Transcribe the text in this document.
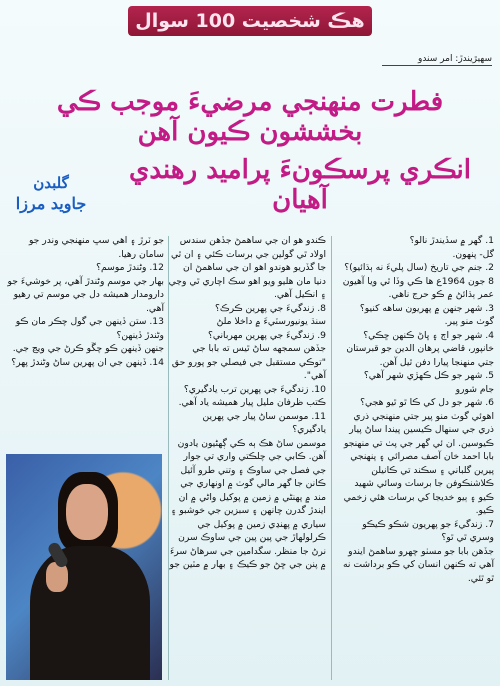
هڪ شخصيت 100 سوال
سهيڙيندڙ: امر سندو
فطرت منهنجي مرضيءَ موجب ڪي بخششون ڪيون آهن
انڪري پرسڪونءَ پراميد رهندي آهيان
گلبدن
جاويد مرزا

1. گهر ۾ سڏيندڙ نالو؟

گل- پنهون.

2. جنم جي تاريخ (سال پليءَ نه ٻڌائيو)؟

8 جون 1964ع ها ڪي وڏا ٿي ويا آهيون عمر ٻڌائڻ ۾ ڪو حرج ناهي.

3. شهر جنهن ۾ پهريون ساهه کنيو؟

گوٺ منو پير.

4. شهر جو اڄ ۽ ڀاڻ ڪنهن ڇڪي؟

خانپور، قاضي پرهان الدين جو قبرستان جتي منهنجا پيارا دفن ٿيل آهن.

5. شهر جو ڪل ڪهڙي شهر آهي؟

جام شورو

6. شهر جو دل کي ڪا ٿو ٿيو هجي؟

اهوئي گوٺ منو پير جتي منهنجي ذري ذري جي سنهال ڪيسين پيندا ساڻ پيار ڪيوسين. ان ئي گهر جي پٺ تي منهنجو بابا احمد خان آصف مصرائي ۽ پنهنجي پيرين گلباني ۽ سڪند تي ڪانيلن ڪلاشنڪوفن جا برسات وسائي شهيد ڪيو ۽ ٻيو خديجا کي برسات هئي زخمي ڪيو.

7. زندگيءَ جو پهريون شڪو ڪيڪو وسري ٿي ٿو؟

جڏهن بابا جو مسٺو چهرو ساهمڻ ايندو آهي ته ڪنهن انسان کي ڪو برداشت نه ٿو ٿئي.

ڪندو هو ان جي ساهمڻ جڏهن سندس اولاد ٿي گولين جي برسات ڪئي ۽ ان ٿي جا گڏريو هوندو اهو ان جي ساهمڻ ان دنيا مان هليو ويو اهو سڪ اچاري ٿي وڃي ۽ انڪيل آهي.

8. زندگيءَ جي پهرين ڪرڪ؟

سنڌ يونيورسٽيءَ ۾ داخلا ملڻ

9. زندگيءَ جي پهرين مهرباني؟

جڏهن سمجهه ساڻ ٿيس ته بابا جي "توڪي مستقبل جي فيصلي جو پورو حق آهي".

10. زندگيءَ جي پهرين ترب يادگيري؟

ڪتب ظرفان مليل پيار هميشه ياد آهي.

11. موسمن ساڻ پيار جي پهرين يادگيري؟

موسمن ساڻ هڪ ٻه ڪي ڳهڻيون يادون آهن. ڪابي جي چلڪتي واري تي جوار جي فصل جي ساوڪ ۽ وتني طرو آئيل ڪانن جا گهر مالي گوٺ ۾ اونهاري جي مند ۾ پهنڻي ۾ زمين ۾ پوکيل واڻي ۾ ان ايندڙ گدرن چانهن ۽ سبزين جي خوشبو ۽ سياري ۾ پهنڍي زمين ۾ پوکيل جي ڪرلولهاڙ جي پين پين جي ساوڪ سرن نرڻ جا منظر. سگدامين جي سرهاڻ سرءَ ۾ پنن جي ڇڻ جو ڪيڪ ۽ بهار ۾ مٽين جو

جو ٽرڙ ۽ اهي سڀ منهنجي وندر جو سامان رهيا.

12. وڻندڙ موسم؟

بهار جي موسم وڻندڙ آهي، پر خوشيءَ جو دارومدار هميشه دل جي موسم تي رهيو آهي.

13. ستن ڏينهن جي گول چڪر مان ڪو وڻندڙ ڏينهن؟

جنهن ڏينهن ڪو چڱو ڪرڻ جي ويڃ جي.

14. ڏينهن جي ان پهرين ساڻ وڻندڙ پهر؟
